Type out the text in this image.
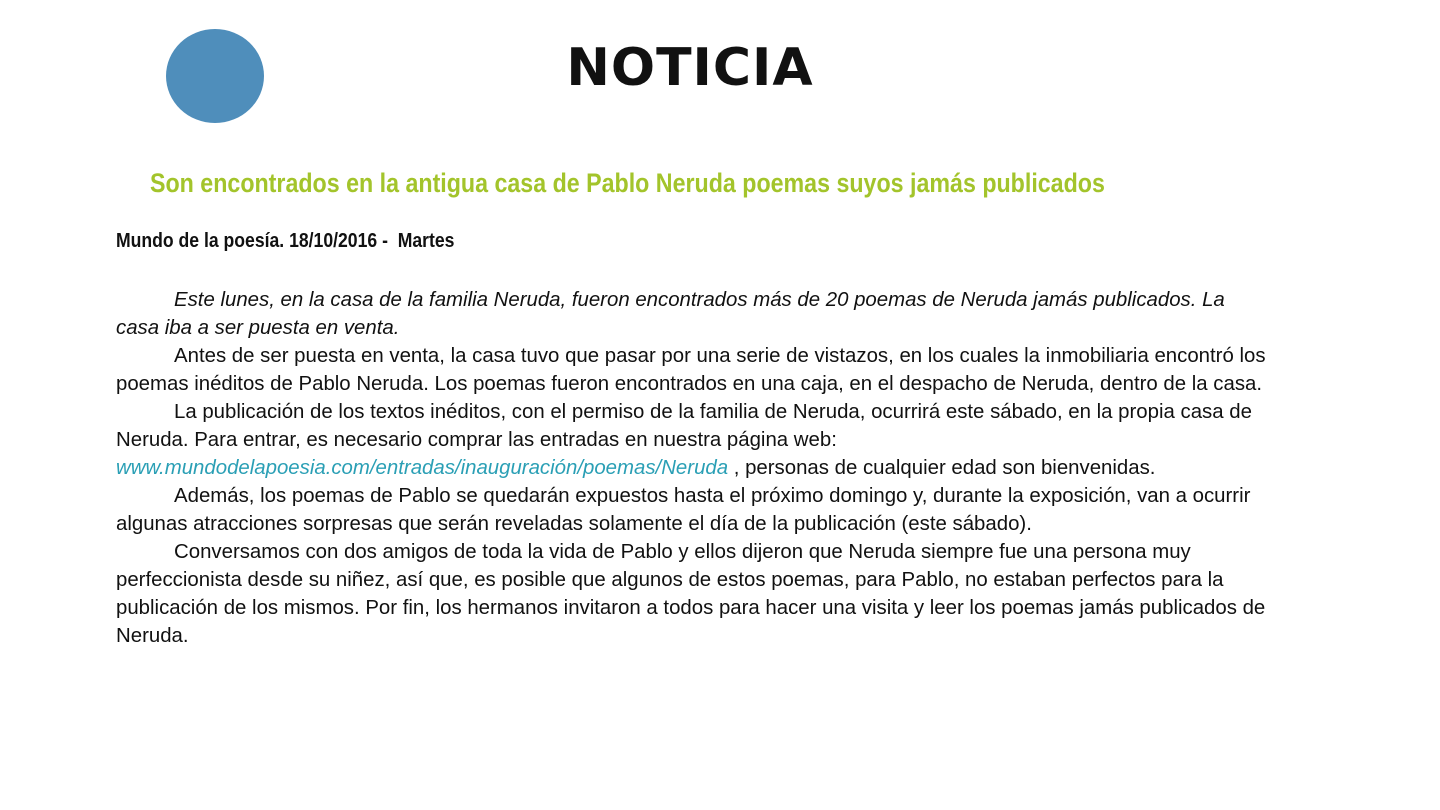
NOTICIA
Son encontrados en la antigua casa de Pablo Neruda poemas suyos jamás publicados
Mundo de la poesía. 18/10/2016 -  Martes

Este lunes, en la casa de la familia Neruda, fueron encontrados más de 20 poemas de Neruda jamás publicados. La casa iba a ser puesta en venta.

Antes de ser puesta en venta, la casa tuvo que pasar por una serie de vistazos, en los cuales la inmobiliaria encontró los poemas inéditos de Pablo Neruda. Los poemas fueron encontrados en una caja, en el despacho de Neruda, dentro de la casa.

La publicación de los textos inéditos, con el permiso de la familia de Neruda, ocurrirá este sábado, en la propia casa de Neruda. Para entrar, es necesario comprar las entradas en nuestra página web: www.mundodelapoesia.com/entradas/inauguración/poemas/Neruda , personas de cualquier edad son bienvenidas.

Además, los poemas de Pablo se quedarán expuestos hasta el próximo domingo y, durante la exposición, van a ocurrir algunas atracciones sorpresas que serán reveladas solamente el día de la publicación (este sábado).

Conversamos con dos amigos de toda la vida de Pablo y ellos dijeron que Neruda siempre fue una persona muy perfeccionista desde su niñez, así que, es posible que algunos de estos poemas, para Pablo, no estaban perfectos para la publicación de los mismos. Por fin, los hermanos invitaron a todos para hacer una visita y leer los poemas jamás publicados de Neruda.
